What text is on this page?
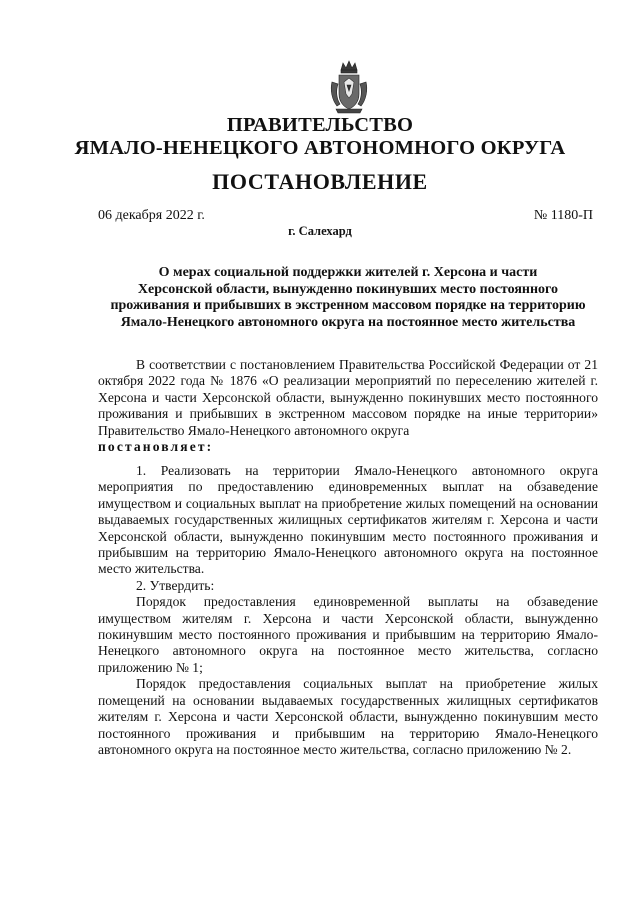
ПРАВИТЕЛЬСТВО
ЯМАЛО-НЕНЕЦКОГО АВТОНОМНОГО ОКРУГА
ПОСТАНОВЛЕНИЕ
06 декабря 2022 г.	№ 1180-П
г. Салехард
О мерах социальной поддержки жителей г. Херсона и части
Херсонской области, вынужденно покинувших место постоянного
проживания и прибывших в экстренном массовом порядке на территорию
Ямало-Ненецкого автономного округа на постоянное место жительства

В соответствии с постановлением Правительства Российской Федерации от 21 октября 2022 года № 1876 «О реализации мероприятий по переселению жителей г. Херсона и части Херсонской области, вынужденно покинувших место постоянного проживания и прибывших в экстренном массовом порядке на иные территории» Правительство Ямало-Ненецкого автономного округа
постановляет:

1. Реализовать на территории Ямало-Ненецкого автономного округа мероприятия по предоставлению единовременных выплат на обзаведение имуществом и социальных выплат на приобретение жилых помещений на основании выдаваемых государственных жилищных сертификатов жителям г. Херсона и части Херсонской области, вынужденно покинувшим место постоянного проживания и прибывшим на территорию Ямало-Ненецкого автономного округа на постоянное место жительства.

2. Утвердить:

Порядок предоставления единовременной выплаты на обзаведение имуществом жителям г. Херсона и части Херсонской области, вынужденно покинувшим место постоянного проживания и прибывшим на территорию Ямало-Ненецкого автономного округа на постоянное место жительства, согласно приложению № 1;

Порядок предоставления социальных выплат на приобретение жилых помещений на основании выдаваемых государственных жилищных сертификатов жителям г. Херсона и части Херсонской области, вынужденно покинувшим место постоянного проживания и прибывшим на территорию Ямало-Ненецкого автономного округа на постоянное место жительства, согласно приложению № 2.
